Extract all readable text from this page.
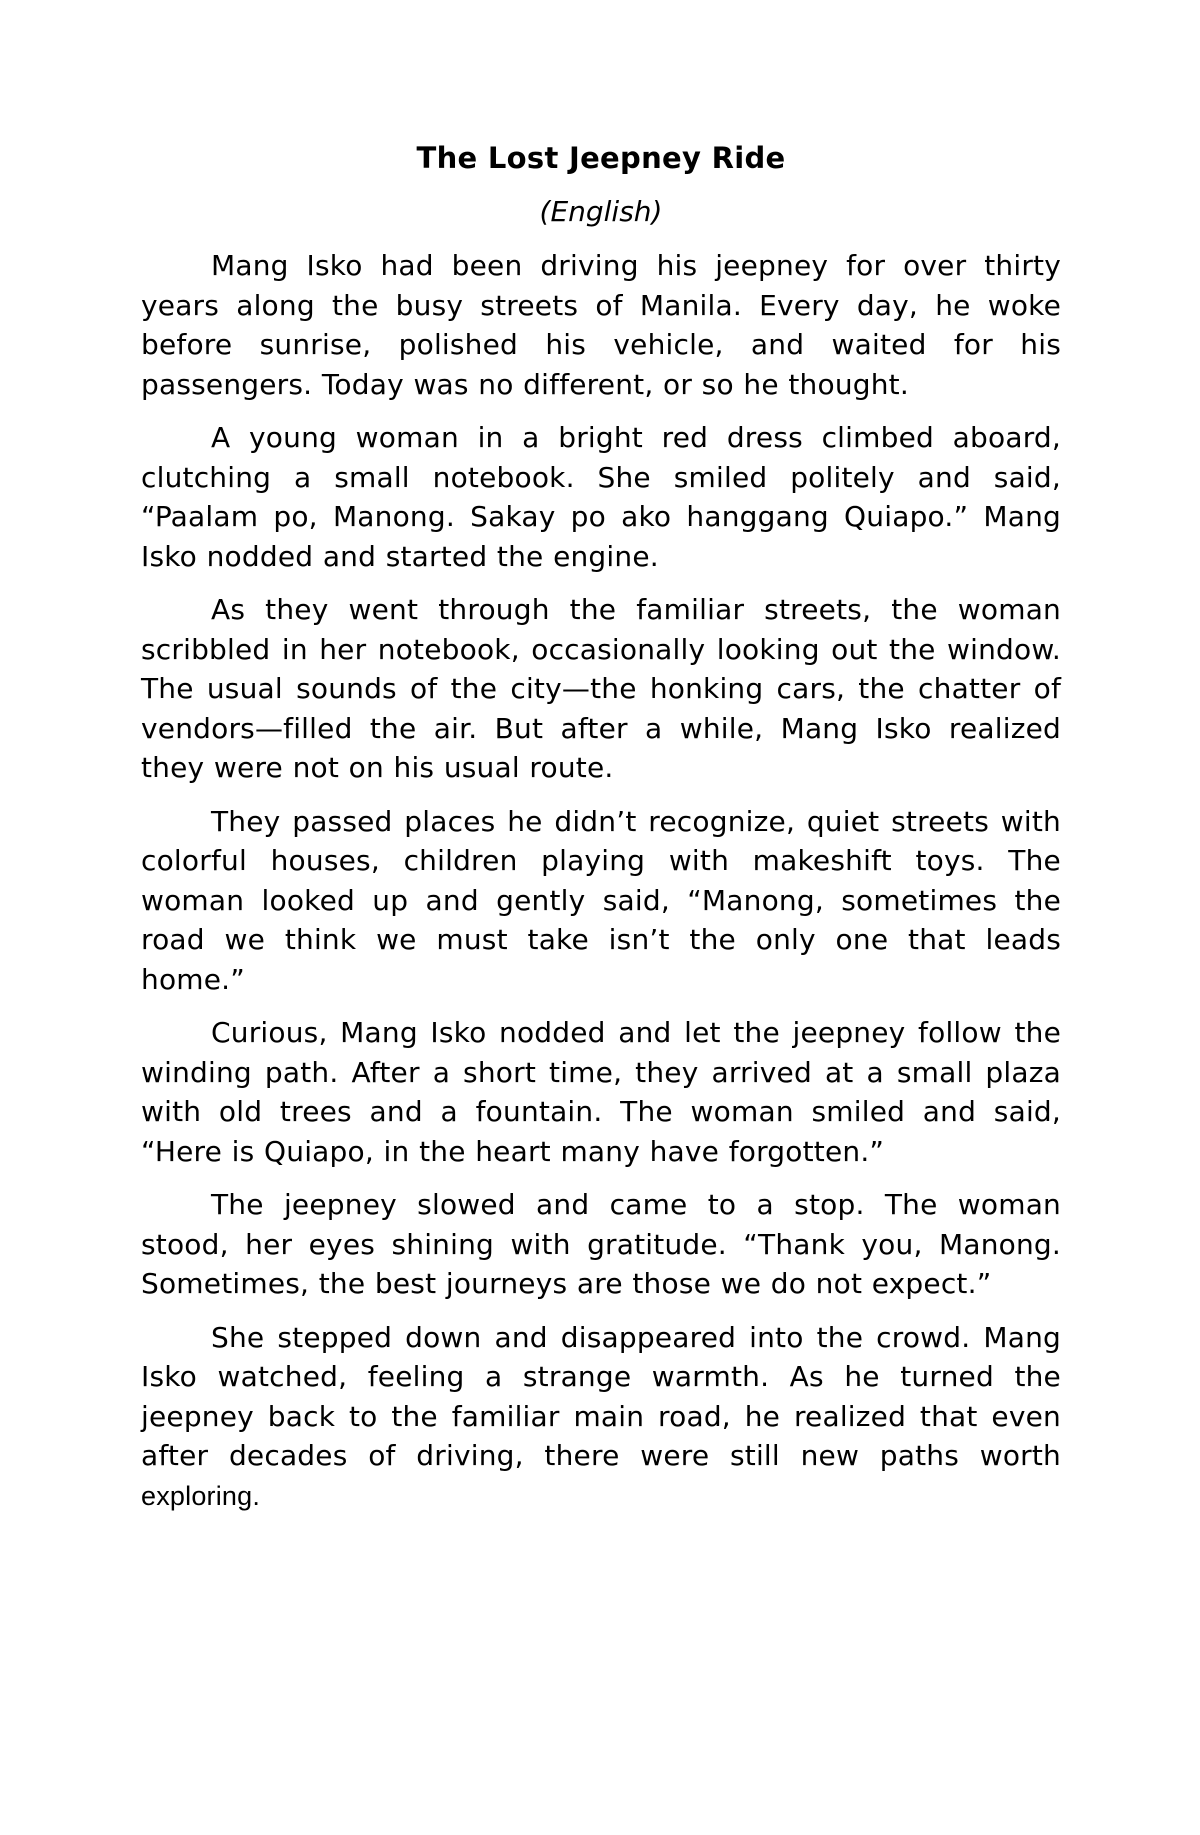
The Lost Jeepney Ride

(English)

Mang Isko had been driving his jeepney for over thirty years along the busy streets of Manila. Every day, he woke before sunrise, polished his vehicle, and waited for his passengers. Today was no different, or so he thought.

A young woman in a bright red dress climbed aboard, clutching a small notebook. She smiled politely and said, “Paalam po, Manong. Sakay po ako hanggang Quiapo.” Mang Isko nodded and started the engine.

As they went through the familiar streets, the woman scribbled in her notebook, occasionally looking out the window. The usual sounds of the city—the honking cars, the chatter of vendors—filled the air. But after a while, Mang Isko realized they were not on his usual route.

They passed places he didn’t recognize, quiet streets with colorful houses, children playing with makeshift toys. The woman looked up and gently said, “Manong, sometimes the road we think we must take isn’t the only one that leads home.”

Curious, Mang Isko nodded and let the jeepney follow the winding path. After a short time, they arrived at a small plaza with old trees and a fountain. The woman smiled and said, “Here is Quiapo, in the heart many have forgotten.”

The jeepney slowed and came to a stop. The woman stood, her eyes shining with gratitude. “Thank you, Manong. Sometimes, the best journeys are those we do not expect.”

She stepped down and disappeared into the crowd. Mang Isko watched, feeling a strange warmth. As he turned the jeepney back to the familiar main road, he realized that even after decades of driving, there were still new paths worth exploring.
